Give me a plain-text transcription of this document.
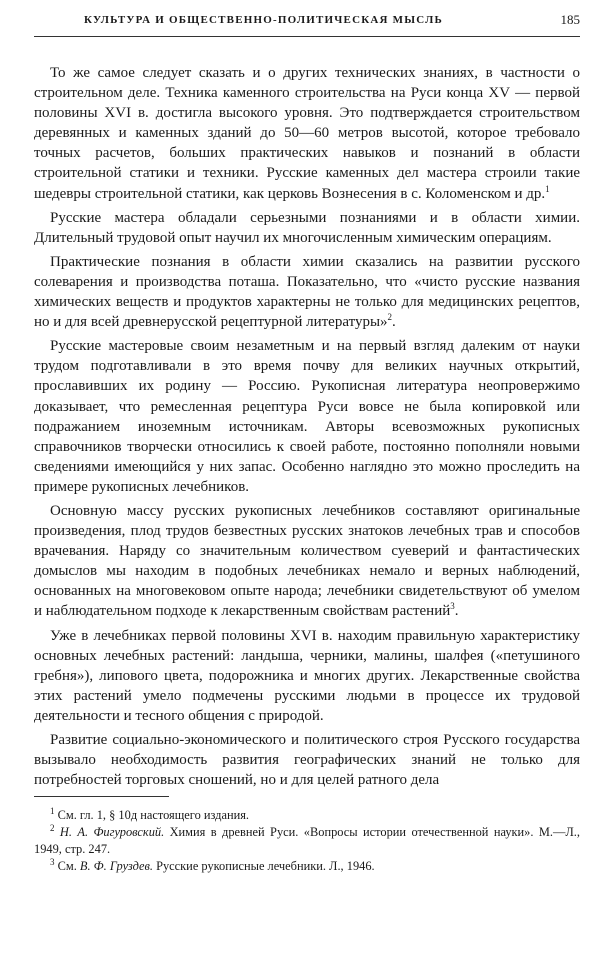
КУЛЬТУРА И ОБЩЕСТВЕННО-ПОЛИТИЧЕСКАЯ МЫСЛЬ	185

То же самое следует сказать и о других технических знаниях, в частности о строительном деле. Техника каменного строительства на Руси конца XV — первой половины XVI в. достигла высокого уровня. Это подтверждается строительством деревянных и каменных зданий до 50—60 метров высотой, которое требовало точных расчетов, больших практических навыков и познаний в области строительной статики и техники. Русские каменных дел мастера строили такие шедевры строительной статики, как церковь Вознесения в с. Коломенском и др.$^1$

Русские мастера обладали серьезными познаниями и в области химии. Длительный трудовой опыт научил их многочисленным химическим операциям.

Практические познания в области химии сказались на развитии русского солеварения и производства поташа. Показательно, что «чисто русские названия химических веществ и продуктов характерны не только для медицинских рецептов, но и для всей древнерусской рецептурной литературы»$^2$.

Русские мастеровые своим незаметным и на первый взгляд далеким от науки трудом подготавливали в это время почву для великих научных открытий, прославивших их родину — Россию. Рукописная литература неопровержимо доказывает, что ремесленная рецептура Руси вовсе не была копировкой или подражанием иноземным источникам. Авторы всевозможных рукописных справочников творчески относились к своей работе, постоянно пополняли новыми сведениями имеющийся у них запас. Особенно наглядно это можно проследить на примере рукописных лечебников.

Основную массу русских рукописных лечебников составляют оригинальные произведения, плод трудов безвестных русских знатоков лечебных трав и способов врачевания. Наряду со значительным количеством суеверий и фантастических домыслов мы находим в подобных лечебниках немало и верных наблюдений, основанных на многовековом опыте народа; лечебники свидетельствуют об умелом и наблюдательном подходе к лекарственным свойствам растений$^3$.

Уже в лечебниках первой половины XVI в. находим правильную характеристику основных лечебных растений: ландыша, черники, малины, шалфея («петушиного гребня»), липового цвета, подорожника и многих других. Лекарственные свойства этих растений умело подмечены русскими людьми в процессе их трудовой деятельности и тесного общения с природой.

Развитие социально-экономического и политического строя Русского государства вызывало необходимость развития географических знаний не только для потребностей торговых сношений, но и для целей ратного дела

$^1$ См. гл. 1, § 10д настоящего издания.

$^2$ Н. А. Фигуровский. Химия в древней Руси. «Вопросы истории отечественной науки». М.—Л., 1949, стр. 247.

$^3$ См. В. Ф. Груздев. Русские рукописные лечебники. Л., 1946.
